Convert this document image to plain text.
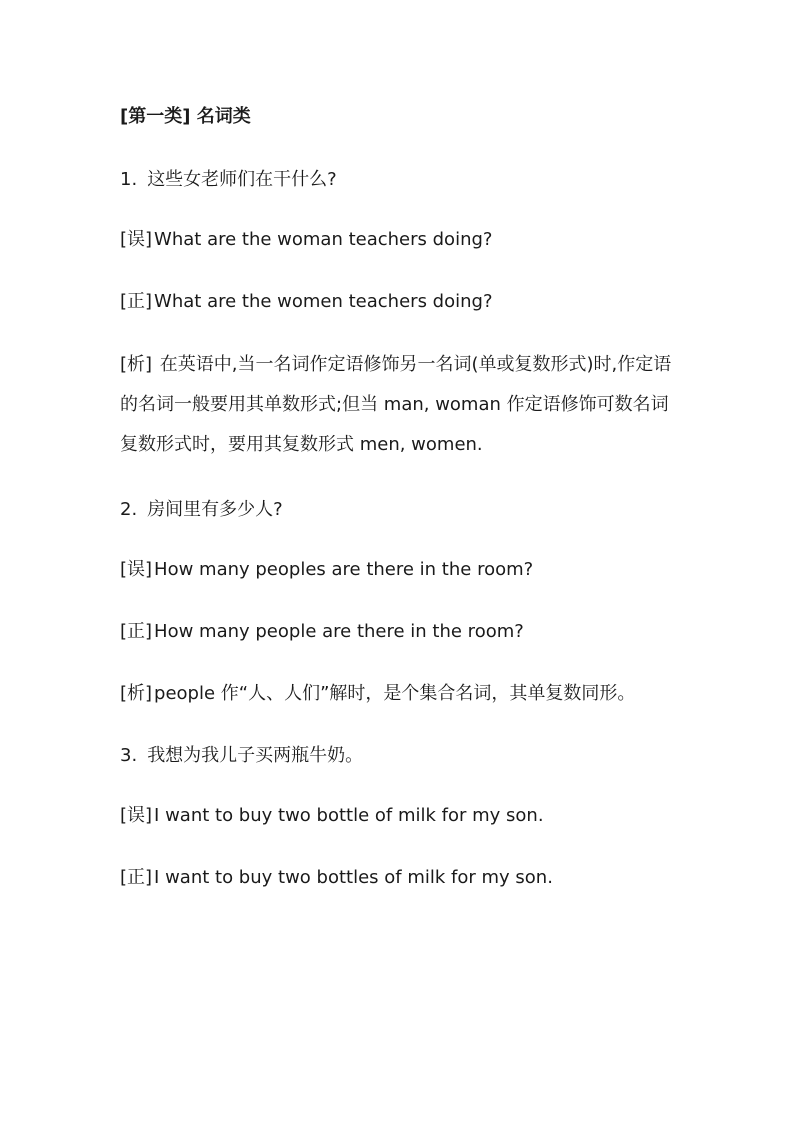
[第一类] 名词类
1. 这些女老师们在干什么?
[误] What are the woman teachers doing?
[正] What are the women teachers doing?
[析] 在英语中,当一名词作定语修饰另一名词(单或复数形式)时,作定语的名词一般要用其单数形式;但当 man, woman 作定语修饰可数名词复数形式时，要用其复数形式 men, women.
2. 房间里有多少人?
[误] How many peoples are there in the room?
[正] How many people are there in the room?
[析] people 作“人、人们”解时，是个集合名词，其单复数同形。
3. 我想为我儿子买两瓶牛奶。
[误] I want to buy two bottle of milk for my son.
[正] I want to buy two bottles of milk for my son.
